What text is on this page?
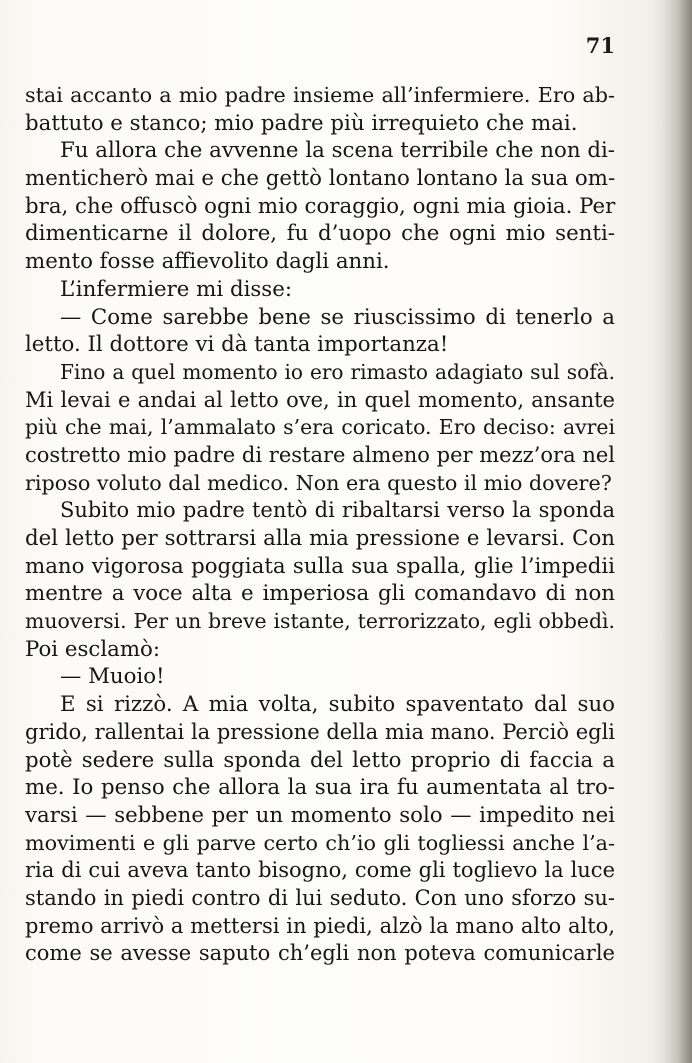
71

stai accanto a mio padre insieme all’infermiere. Ero ab-
battuto e stanco; mio padre più irrequieto che mai.
Fu allora che avvenne la scena terribile che non di-
menticherò mai e che gettò lontano lontano la sua om-
bra, che offuscò ogni mio coraggio, ogni mia gioia. Per
dimenticarne il dolore, fu d’uopo che ogni mio senti-
mento fosse affievolito dagli anni.
L’infermiere mi disse:
— Come sarebbe bene se riuscissimo di tenerlo a
letto. Il dottore vi dà tanta importanza!
Fino a quel momento io ero rimasto adagiato sul sofà.
Mi levai e andai al letto ove, in quel momento, ansante
più che mai, l’ammalato s’era coricato. Ero deciso: avrei
costretto mio padre di restare almeno per mezz’ora nel
riposo voluto dal medico. Non era questo il mio dovere?
Subito mio padre tentò di ribaltarsi verso la sponda
del letto per sottrarsi alla mia pressione e levarsi. Con
mano vigorosa poggiata sulla sua spalla, glie l’impedii
mentre a voce alta e imperiosa gli comandavo di non
muoversi. Per un breve istante, terrorizzato, egli obbedì.
Poi esclamò:
— Muoio!
E si rizzò. A mia volta, subito spaventato dal suo
grido, rallentai la pressione della mia mano. Perciò egli
potè sedere sulla sponda del letto proprio di faccia a
me. Io penso che allora la sua ira fu aumentata al tro-
varsi — sebbene per un momento solo — impedito nei
movimenti e gli parve certo ch’io gli togliessi anche l’a-
ria di cui aveva tanto bisogno, come gli toglievo la luce
stando in piedi contro di lui seduto. Con uno sforzo su-
premo arrivò a mettersi in piedi, alzò la mano alto alto,
come se avesse saputo ch’egli non poteva comunicarle
